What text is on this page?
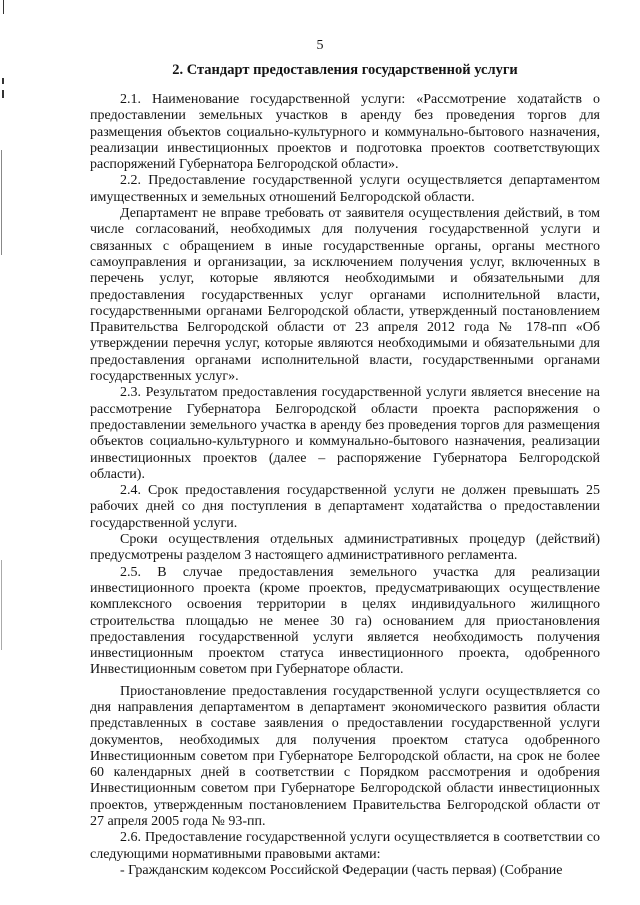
5
2. Стандарт предоставления государственной услуги

2.1. Наименование государственной услуги: «Рассмотрение ходатайств о предоставлении земельных участков в аренду без проведения торгов для размещения объектов социально-культурного и коммунально-бытового назначения, реализации инвестиционных проектов и подготовка проектов соответствующих распоряжений Губернатора Белгородской области».

2.2. Предоставление государственной услуги осуществляется департаментом имущественных и земельных отношений Белгородской области.

Департамент не вправе требовать от заявителя осуществления действий, в том числе согласований, необходимых для получения государственной услуги и связанных с обращением в иные государственные органы, органы местного самоуправления и организации, за исключением получения услуг, включенных в перечень услуг, которые являются необходимыми и обязательными для предоставления государственных услуг органами исполнительной власти, государственными органами Белгородской области, утвержденный постановлением Правительства Белгородской области от 23 апреля 2012 года № 178-пп «Об утверждении перечня услуг, которые являются необходимыми и обязательными для предоставления органами исполнительной власти, государственными органами государственных услуг».

2.3. Результатом предоставления государственной услуги является внесение на рассмотрение Губернатора Белгородской области проекта распоряжения о предоставлении земельного участка в аренду без проведения торгов для размещения объектов социально-культурного и коммунально-бытового назначения, реализации инвестиционных проектов (далее – распоряжение Губернатора Белгородской области).

2.4. Срок предоставления государственной услуги не должен превышать 25 рабочих дней со дня поступления в департамент ходатайства о предоставлении государственной услуги.

Сроки осуществления отдельных административных процедур (действий) предусмотрены разделом 3 настоящего административного регламента.

2.5. В случае предоставления земельного участка для реализации инвестиционного проекта (кроме проектов, предусматривающих осуществление комплексного освоения территории в целях индивидуального жилищного строительства площадью не менее 30 га) основанием для приостановления предоставления государственной услуги является необходимость получения инвестиционным проектом статуса инвестиционного проекта, одобренного Инвестиционным советом при Губернаторе области.

Приостановление предоставления государственной услуги осуществляется со дня направления департаментом в департамент экономического развития области представленных в составе заявления о предоставлении государственной услуги документов, необходимых для получения проектом статуса одобренного Инвестиционным советом при Губернаторе Белгородской области, на срок не более 60 календарных дней в соответствии с Порядком рассмотрения и одобрения Инвестиционным советом при Губернаторе Белгородской области инвестиционных проектов, утвержденным постановлением Правительства Белгородской области от 27 апреля 2005 года № 93-пп.

2.6. Предоставление государственной услуги осуществляется в соответствии со следующими нормативными правовыми актами:

- Гражданским кодексом Российской Федерации (часть первая) (Собрание
